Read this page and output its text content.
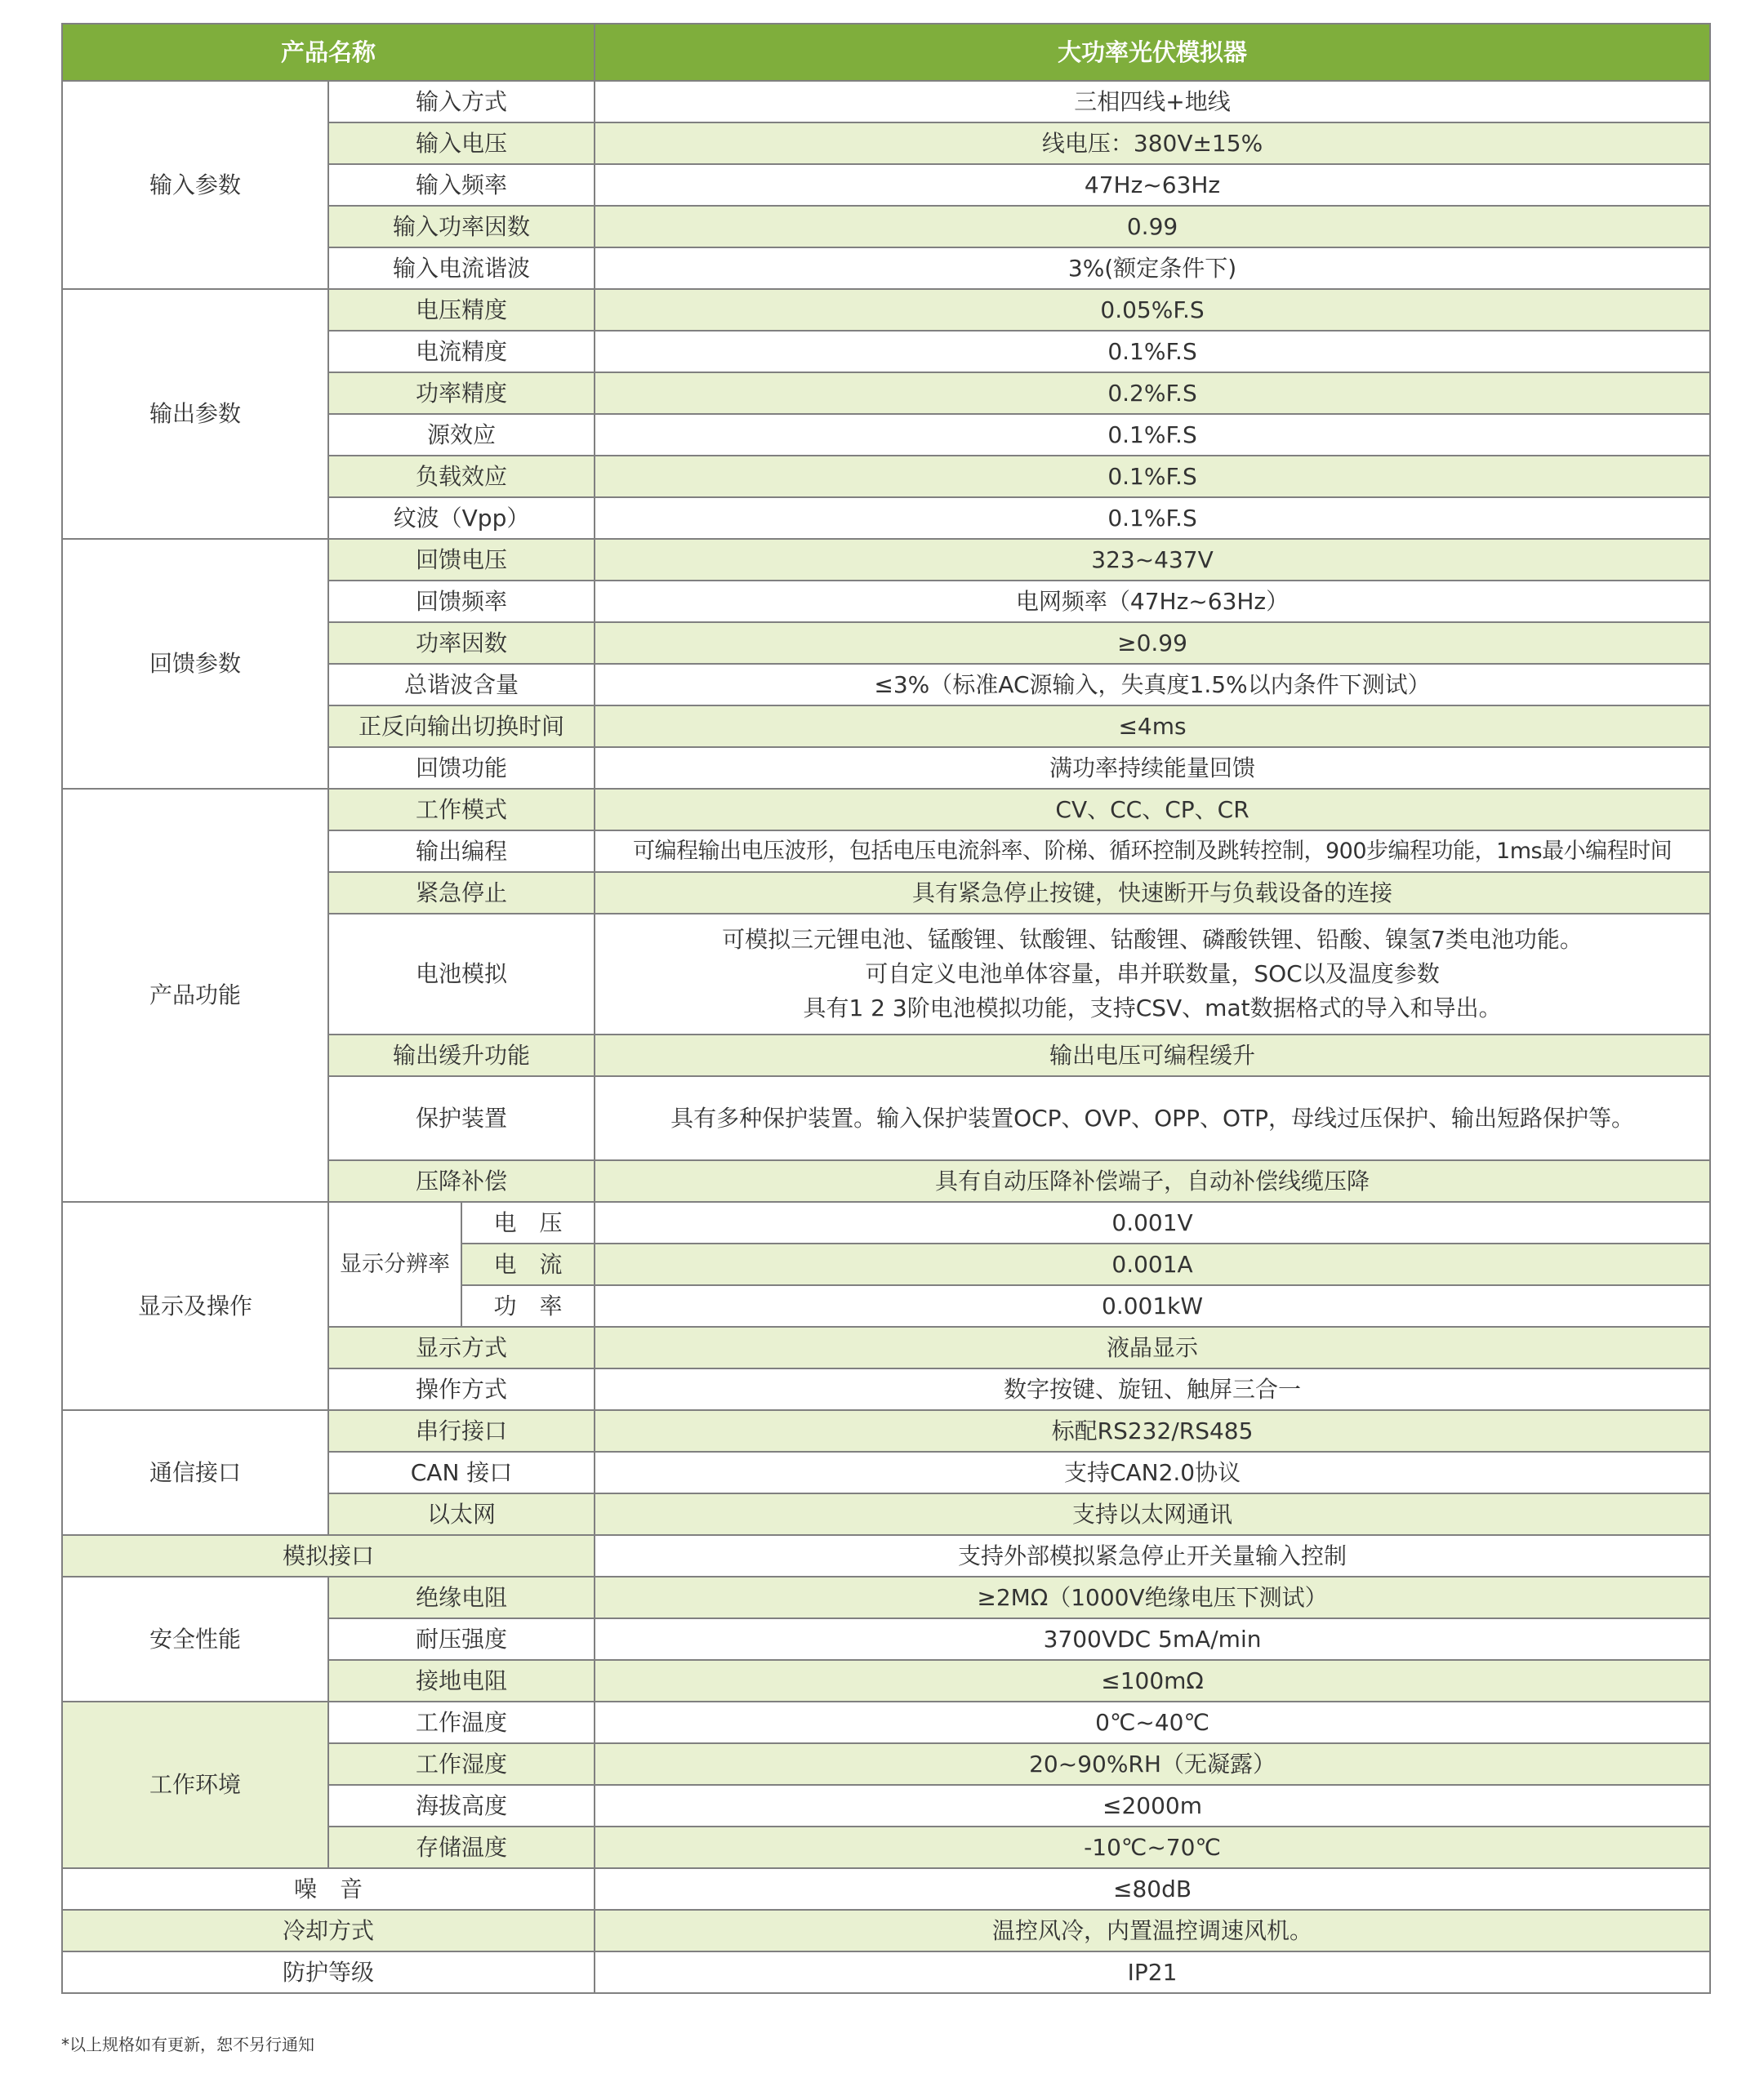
产品名称			大功率光伏模拟器
输入参数	输入方式		三相四线+地线
	输入电压		线电压：380V±15%
	输入频率		47Hz~63Hz
	输入功率因数		0.99
	输入电流谐波		3%(额定条件下)
输出参数	电压精度		0.05%F.S
	电流精度		0.1%F.S
	功率精度		0.2%F.S
	源效应		0.1%F.S
	负载效应		0.1%F.S
	纹波（Vpp）		0.1%F.S
回馈参数	回馈电压		323~437V
	回馈频率		电网频率（47Hz~63Hz）
	功率因数		≥0.99
	总谐波含量		≤3%（标准AC源输入，失真度1.5%以内条件下测试）
	正反向输出切换时间		≤4ms
	回馈功能		满功率持续能量回馈
产品功能	工作模式		CV、CC、CP、CR
	输出编程		可编程输出电压波形，包括电压电流斜率、阶梯、循环控制及跳转控制，900步编程功能，1ms最小编程时间
	紧急停止		具有紧急停止按键，快速断开与负载设备的连接
	电池模拟		可模拟三元锂电池、锰酸锂、钛酸锂、钴酸锂、磷酸铁锂、铅酸、镍氢7类电池功能。
可自定义电池单体容量，串并联数量，SOC以及温度参数
具有1 2 3阶电池模拟功能，支持CSV、mat数据格式的导入和导出。

	输出缓升功能		输出电压可编程缓升
	保护装置		具有多种保护装置。输入保护装置OCP、OVP、OPP、OTP，母线过压保护、输出短路保护等。
	压降补偿		具有自动压降补偿端子，自动补偿线缆压降
显示及操作	显示分辨率	电　压	0.001V
		电　流	0.001A
		功　率	0.001kW
	显示方式		液晶显示
	操作方式		数字按键、旋钮、触屏三合一
通信接口	串行接口		标配RS232/RS485
	CAN 接口		支持CAN2.0协议
	以太网		支持以太网通讯
模拟接口			支持外部模拟紧急停止开关量输入控制
安全性能	绝缘电阻		≥2MΩ（1000V绝缘电压下测试）
	耐压强度		3700VDC 5mA/min
	接地电阻		≤100mΩ
工作环境	工作温度		0℃~40℃
	工作湿度		20~90%RH（无凝露）
	海拔高度		≤2000m
	存储温度		-10℃~70℃
噪　音			≤80dB
冷却方式			温控风冷，内置温控调速风机。
防护等级			IP21
*以上规格如有更新，恕不另行通知
